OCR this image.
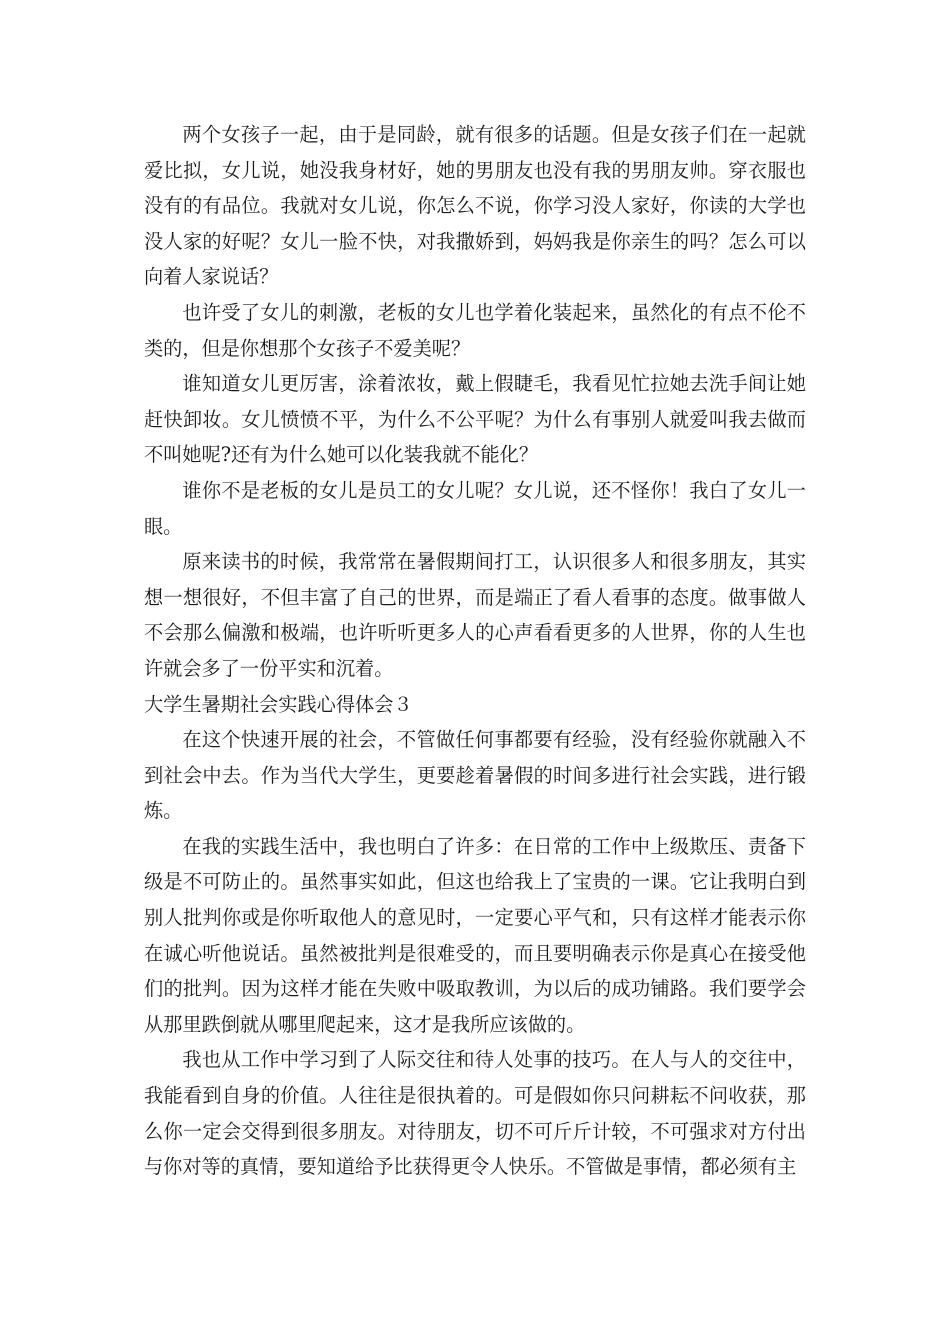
两个女孩子一起，由于是同龄，就有很多的话题。但是女孩子们在一起就爱比拟，女儿说，她没我身材好，她的男朋友也没有我的男朋友帅。穿衣服也没有的有品位。我就对女儿说，你怎么不说，你学习没人家好，你读的大学也没人家的好呢？女儿一脸不快，对我撒娇到，妈妈我是你亲生的吗？怎么可以向着人家说话？

也许受了女儿的刺激，老板的女儿也学着化装起来，虽然化的有点不伦不类的，但是你想那个女孩子不爱美呢？

谁知道女儿更厉害，涂着浓妆，戴上假睫毛，我看见忙拉她去洗手间让她赶快卸妆。女儿愤愤不平，为什么不公平呢？为什么有事别人就爱叫我去做而不叫她呢?还有为什么她可以化装我就不能化？

谁你不是老板的女儿是员工的女儿呢？女儿说，还不怪你！我白了女儿一眼。

原来读书的时候，我常常在暑假期间打工，认识很多人和很多朋友，其实想一想很好，不但丰富了自己的世界，而是端正了看人看事的态度。做事做人不会那么偏激和极端，也许听听更多人的心声看看更多的人世界，你的人生也许就会多了一份平实和沉着。

大学生暑期社会实践心得体会３

在这个快速开展的社会，不管做任何事都要有经验，没有经验你就融入不到社会中去。作为当代大学生，更要趁着暑假的时间多进行社会实践，进行锻炼。

在我的实践生活中，我也明白了许多：在日常的工作中上级欺压、责备下级是不可防止的。虽然事实如此，但这也给我上了宝贵的一课。它让我明白到别人批判你或是你听取他人的意见时，一定要心平气和，只有这样才能表示你在诚心听他说话。虽然被批判是很难受的，而且要明确表示你是真心在接受他们的批判。因为这样才能在失败中吸取教训，为以后的成功铺路。我们要学会从那里跌倒就从哪里爬起来，这才是我所应该做的。

我也从工作中学习到了人际交往和待人处事的技巧。在人与人的交往中，我能看到自身的价值。人往往是很执着的。可是假如你只问耕耘不问收获，那么你一定会交得到很多朋友。对待朋友，切不可斤斤计较，不可强求对方付出与你对等的真情，要知道给予比获得更令人快乐。不管做是事情，都必须有主
